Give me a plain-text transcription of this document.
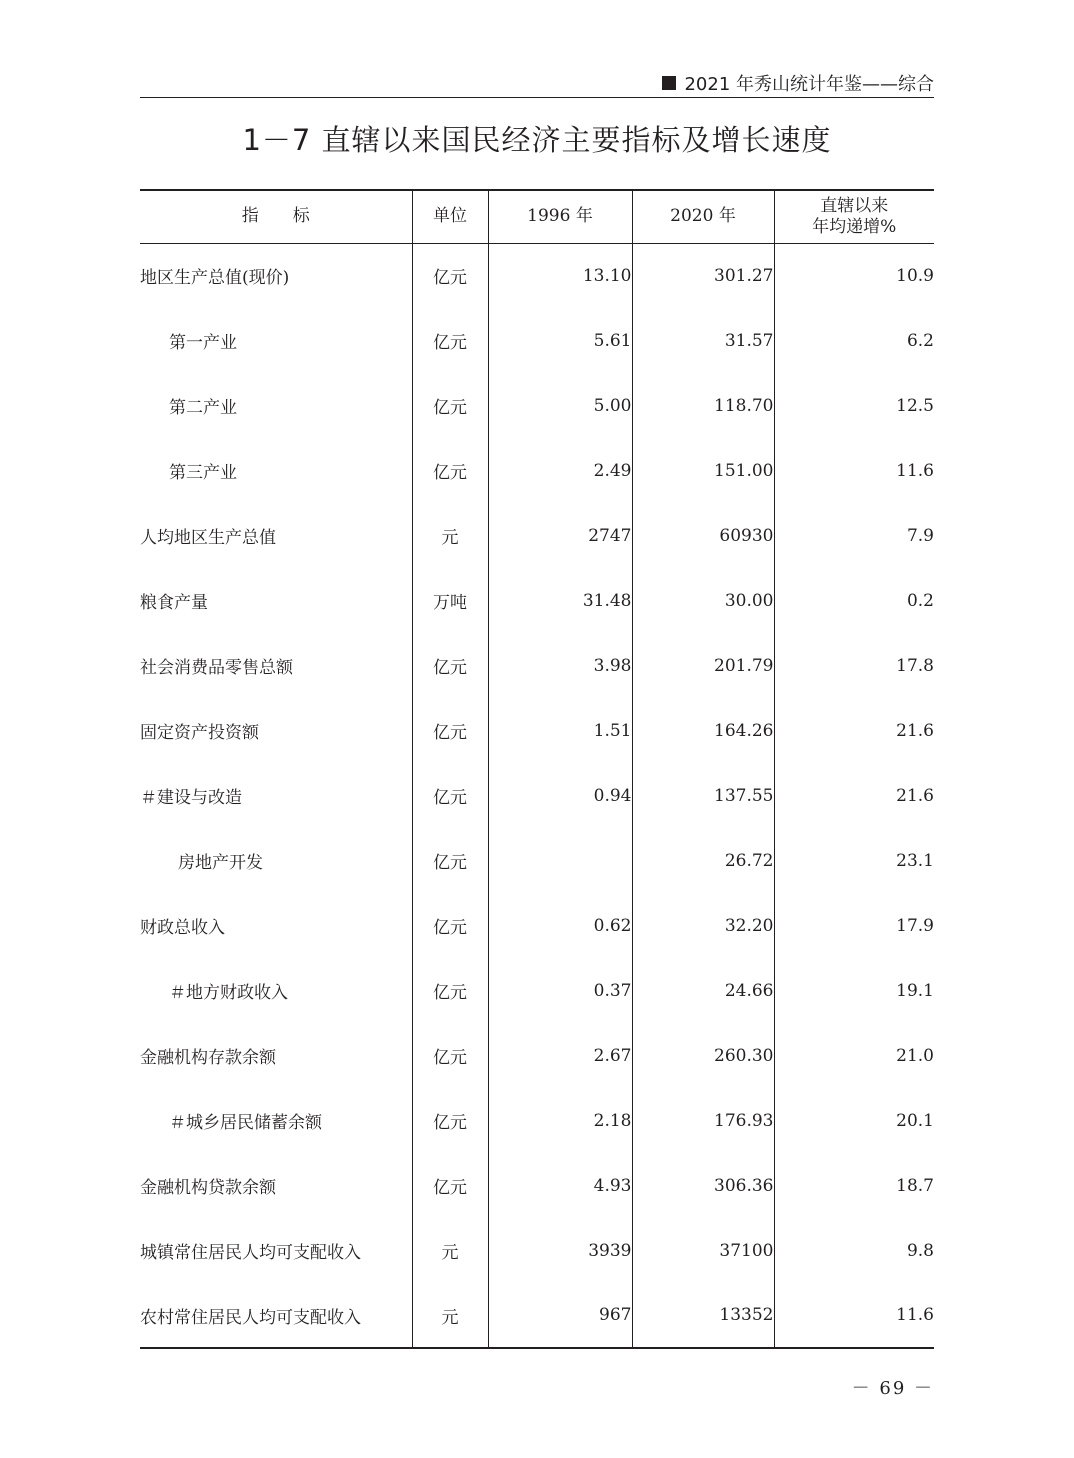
2021 年秀山统计年鉴——综合
1－7 直辖以来国民经济主要指标及增长速度
指　　标	单位	1996 年	2020 年	直辖以来
年均递增%
地区生产总值(现价)	亿元	13.10	301.27	10.9
第一产业	亿元	5.61	31.57	6.2
第二产业	亿元	5.00	118.70	12.5
第三产业	亿元	2.49	151.00	11.6
人均地区生产总值	元	2747	60930	7.9
粮食产量	万吨	31.48	30.00	0.2
社会消费品零售总额	亿元	3.98	201.79	17.8
固定资产投资额	亿元	1.51	164.26	21.6
＃建设与改造	亿元	0.94	137.55	21.6
房地产开发	亿元		26.72	23.1
财政总收入	亿元	0.62	32.20	17.9
＃地方财政收入	亿元	0.37	24.66	19.1
金融机构存款余额	亿元	2.67	260.30	21.0
＃城乡居民储蓄余额	亿元	2.18	176.93	20.1
金融机构贷款余额	亿元	4.93	306.36	18.7
城镇常住居民人均可支配收入	元	3939	37100	9.8
农村常住居民人均可支配收入	元	967	13352	11.6
－ 69 －
